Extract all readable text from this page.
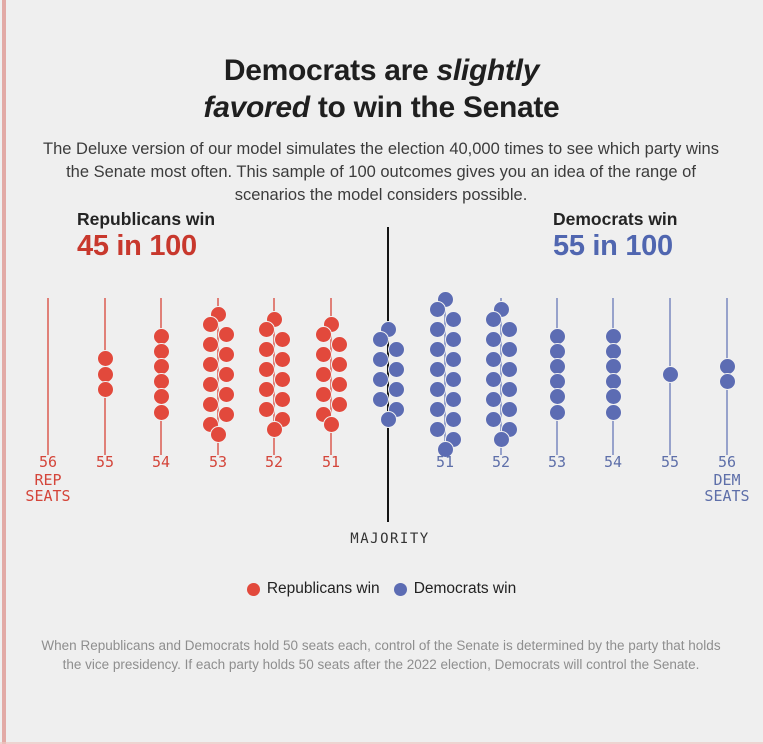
Democrats are slightly
favored to win the Senate

The Deluxe version of our model simulates the election 40,000 times to see which party wins the Senate most often. This sample of 100 outcomes gives you an idea of the range of scenarios the model considers possible.

Republicans win
45 in 100
Democrats win
55 in 100
56
REP
SEATS
55	54	53	52	51	51	52	53	54	55	56
DEM
SEATS
MAJORITY
Republicans win Democrats win

When Republicans and Democrats hold 50 seats each, control of the Senate is determined by the party that holds the vice presidency. If each party holds 50 seats after the 2022 election, Democrats will control the Senate.
